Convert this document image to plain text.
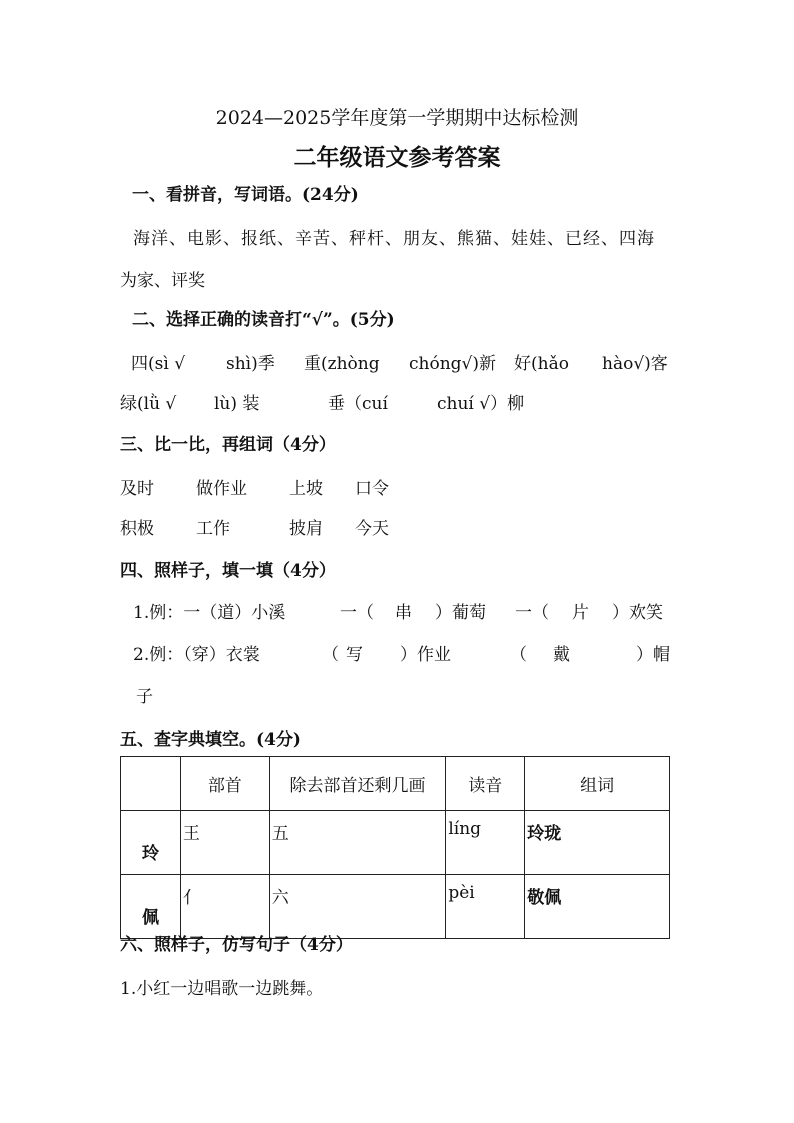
2024—2025学年度第一学期期中达标检测
二年级语文参考答案
一、看拼音，写词语。(24分)
海洋、电影、报纸、辛苦、秤杆、朋友、熊猫、娃娃、已经、四海
为家、评奖
二、选择正确的读音打“√”。(5分)
四(sì √ shì)季 重(zhòng chóng√)新 好(hǎo hào√)客
绿(lǜ √ lù) 装	垂（cuí	chuí √）柳
三、比一比，再组词（4分）
及时 做作业 上坡 口令
积极 工作	披肩 今天
四、照样子，填一填（4分）
1.例：一（道）小溪	一（ 串 ）葡萄 一（ 片 ）欢笑
2.例：（穿）衣裳	（ 写 ）作业	（ 戴	）帽
子
五、查字典填空。(4分)
	部首	除去部首还剩几画	读音	组词
玲	王	五	líng	玲珑
佩	亻	六	pèi	敬佩
六、照样子，仿写句子（4分）
1.小红一边唱歌一边跳舞。
